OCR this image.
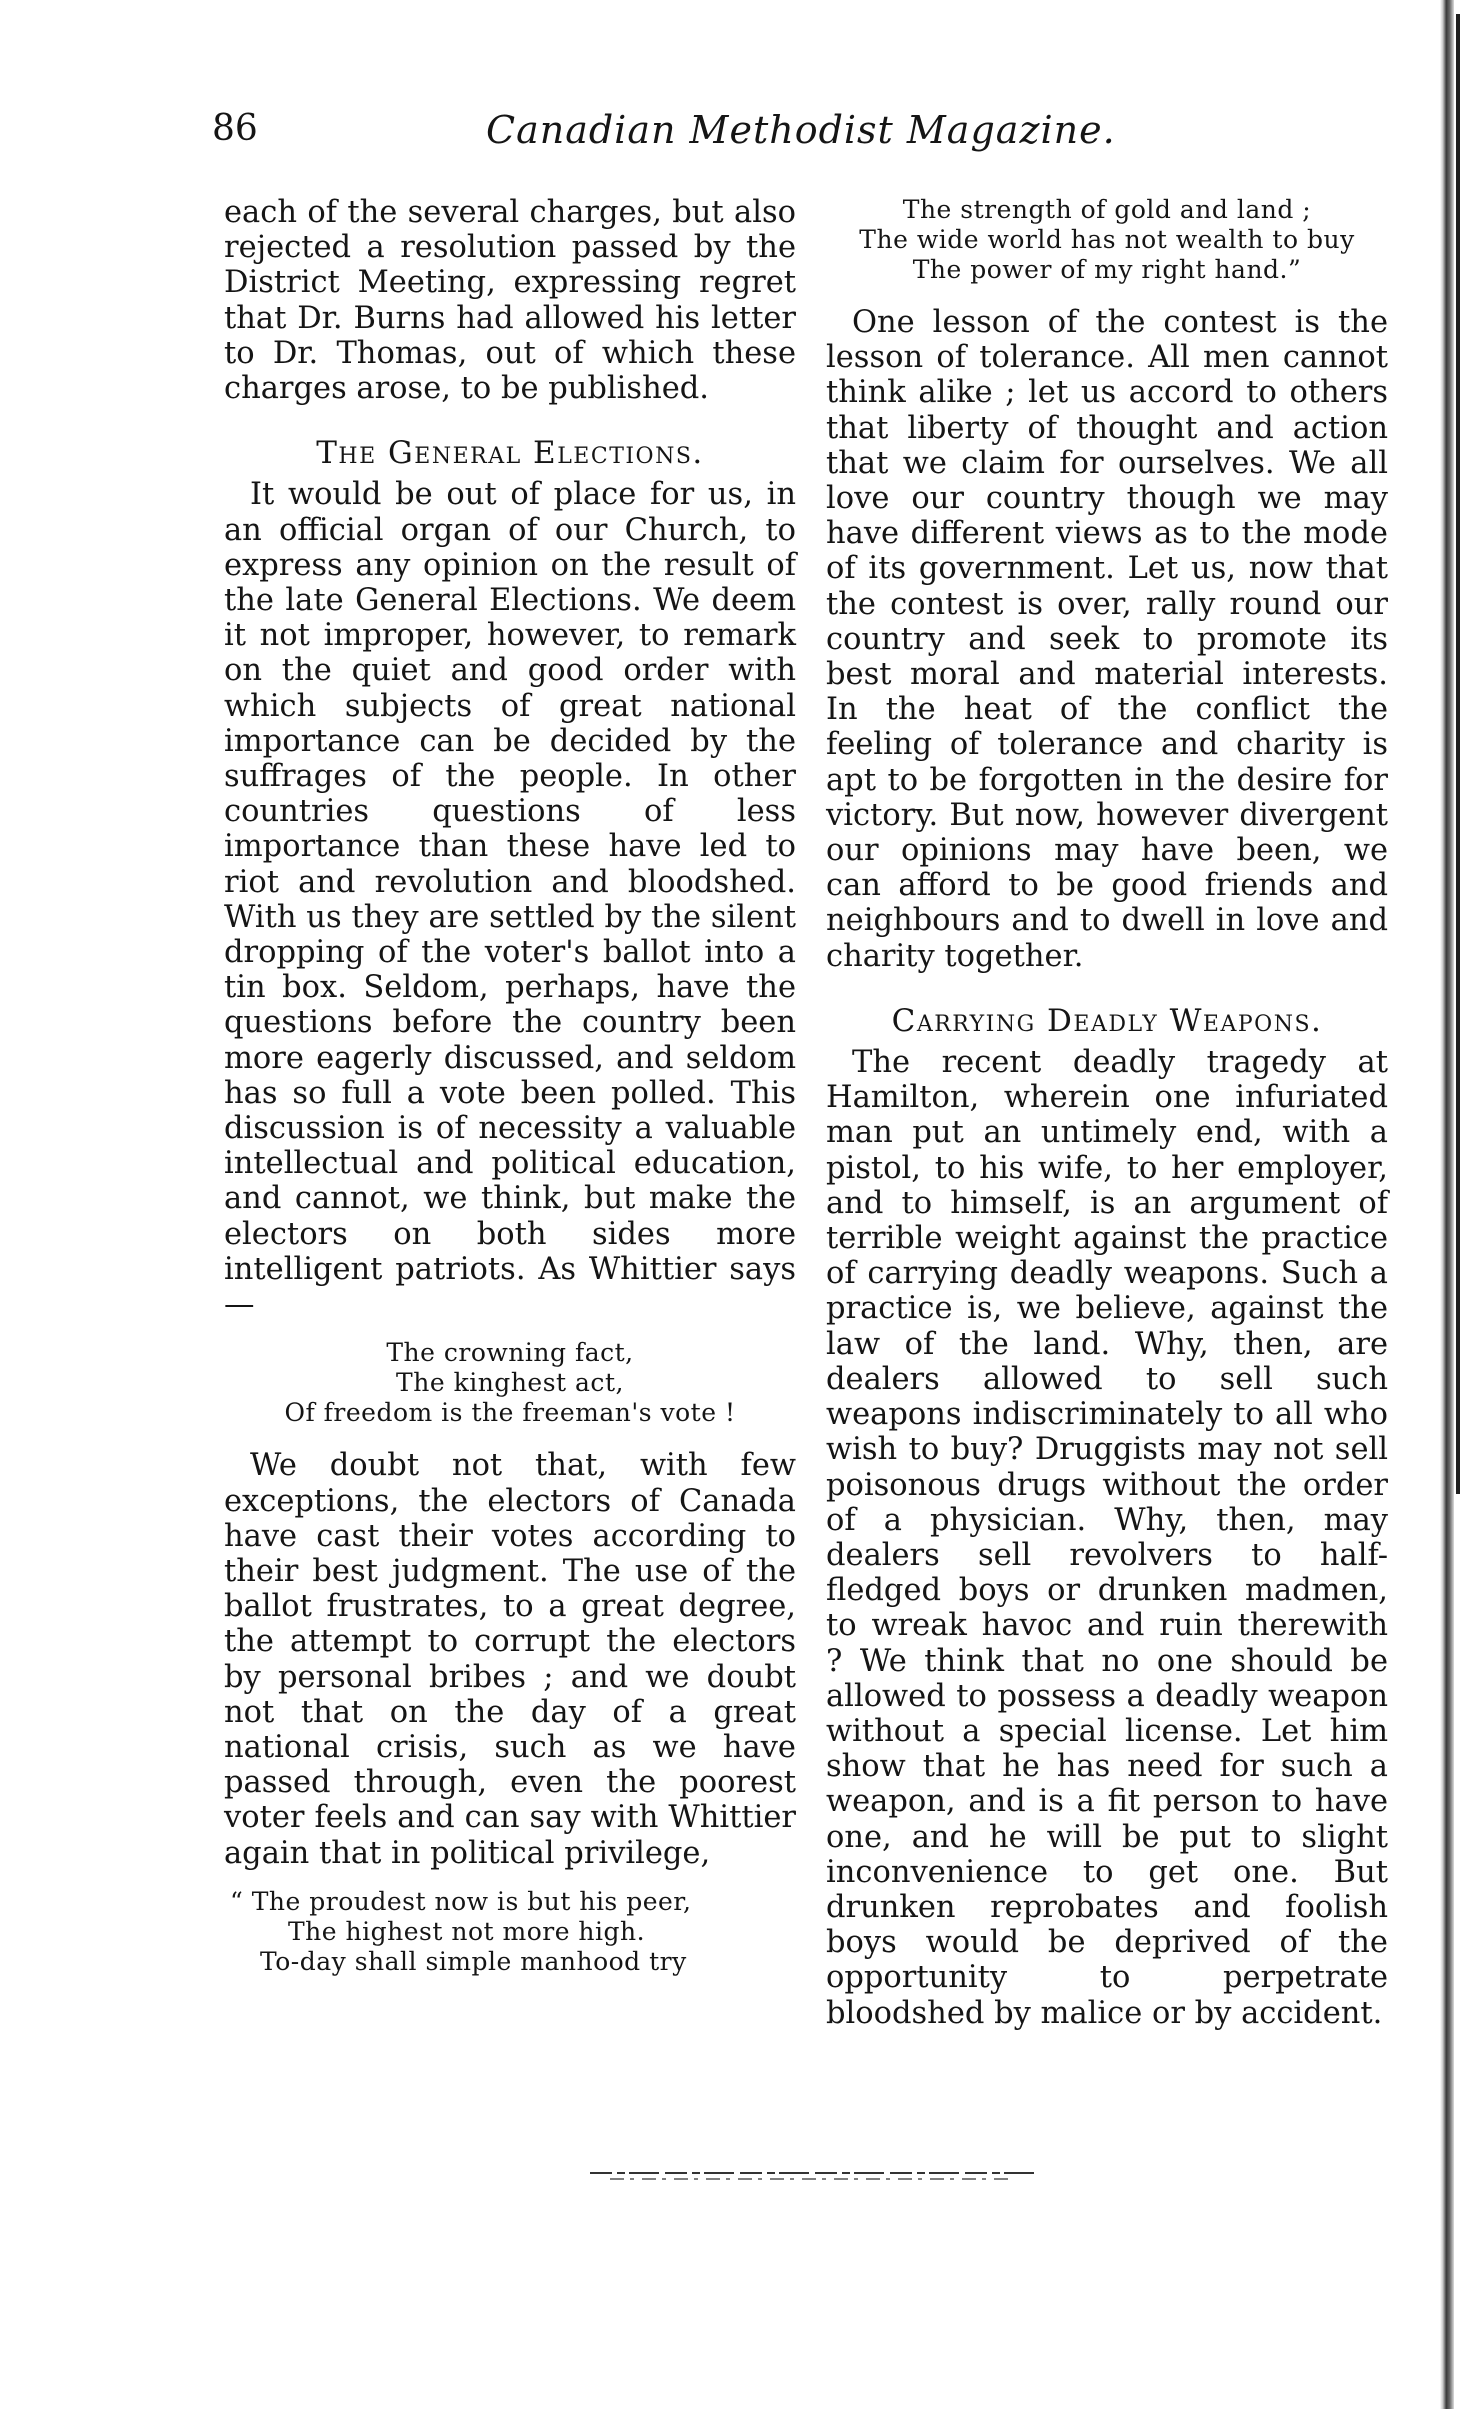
86	Canadian Methodist Magazine.

each of the several charges, but also rejected a resolution passed by the District Meeting, expressing regret that Dr. Burns had allowed his letter to Dr. Thomas, out of which these charges arose, to be published.

The General Elections.

It would be out of place for us, in an official organ of our Church, to express any opinion on the result of the late General Elections. We deem it not improper, however, to remark on the quiet and good order with which subjects of great national importance can be decided by the suffrages of the people. In other countries questions of less importance than these have led to riot and revolution and bloodshed. With us they are settled by the silent dropping of the voter's ballot into a tin box. Seldom, perhaps, have the questions before the country been more eagerly discussed, and seldom has so full a vote been polled. This discussion is of necessity a valuable intellectual and political education, and cannot, we think, but make the electors on both sides more intelligent patriots. As Whittier says—

The crowning fact,
The kinghest act,
Of freedom is the freeman's vote !

We doubt not that, with few exceptions, the electors of Canada have cast their votes according to their best judgment. The use of the ballot frustrates, to a great degree, the attempt to corrupt the electors by personal bribes ; and we doubt not that on the day of a great national crisis, such as we have passed through, even the poorest voter feels and can say with Whittier again that in political privilege,

“ The proudest now is but his peer,
The highest not more high.
To-day shall simple manhood try
The strength of gold and land ;
The wide world has not wealth to buy
The power of my right hand.”

One lesson of the contest is the lesson of tolerance. All men cannot think alike ; let us accord to others that liberty of thought and action that we claim for ourselves. We all love our country though we may have different views as to the mode of its government. Let us, now that the contest is over, rally round our country and seek to promote its best moral and material interests. In the heat of the conflict the feeling of tolerance and charity is apt to be forgotten in the desire for victory. But now, however divergent our opinions may have been, we can afford to be good friends and neighbours and to dwell in love and charity together.

Carrying Deadly Weapons.

The recent deadly tragedy at Hamilton, wherein one infuriated man put an untimely end, with a pistol, to his wife, to her employer, and to himself, is an argument of terrible weight against the practice of carrying deadly weapons. Such a practice is, we believe, against the law of the land. Why, then, are dealers allowed to sell such weapons indiscriminately to all who wish to buy? Druggists may not sell poisonous drugs without the order of a physician. Why, then, may dealers sell revolvers to half-fledged boys or drunken madmen, to wreak havoc and ruin therewith ? We think that no one should be allowed to possess a deadly weapon without a special license. Let him show that he has need for such a weapon, and is a fit person to have one, and he will be put to slight inconvenience to get one. But drunken reprobates and foolish boys would be deprived of the opportunity to perpetrate bloodshed by malice or by accident.
